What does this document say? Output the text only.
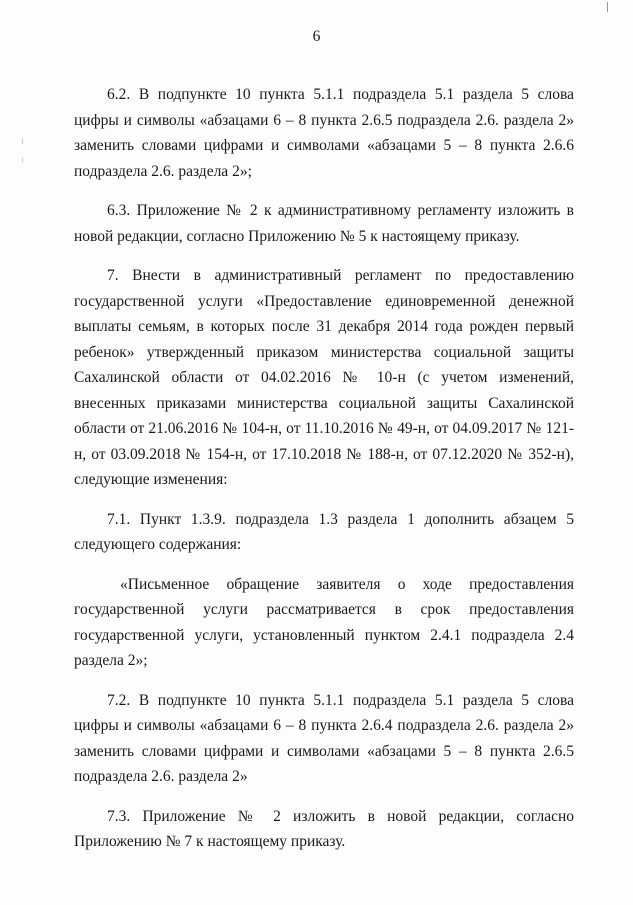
6

6.2. В подпункте 10 пункта 5.1.1 подраздела 5.1 раздела 5 слова цифры и символы «абзацами 6 – 8 пункта 2.6.5 подраздела 2.6. раздела 2» заменить словами цифрами и символами «абзацами 5 – 8 пункта 2.6.6 подраздела 2.6. раздела 2»;

6.3. Приложение № 2 к административному регламенту изложить в новой редакции, согласно Приложению № 5 к настоящему приказу.

7. Внести в административный регламент по предоставлению государственной услуги «Предоставление единовременной денежной выплаты семьям, в которых после 31 декабря 2014 года рожден первый ребенок» утвержденный приказом министерства социальной защиты Сахалинской области от 04.02.2016 № 10-н (с учетом изменений, внесенных приказами министерства социальной защиты Сахалинской области от 21.06.2016 № 104-н, от 11.10.2016 № 49-н, от 04.09.2017 № 121-н, от 03.09.2018 № 154-н, от 17.10.2018 № 188-н, от 07.12.2020 № 352-н), следующие изменения:

7.1. Пункт 1.3.9. подраздела 1.3 раздела 1 дополнить абзацем 5 следующего содержания:

«Письменное обращение заявителя о ходе предоставления государственной услуги рассматривается в срок предоставления государственной услуги, установленный пунктом 2.4.1 подраздела 2.4 раздела 2»;

7.2. В подпункте 10 пункта 5.1.1 подраздела 5.1 раздела 5 слова цифры и символы «абзацами 6 – 8 пункта 2.6.4 подраздела 2.6. раздела 2» заменить словами цифрами и символами «абзацами 5 – 8 пункта 2.6.5 подраздела 2.6. раздела 2»

7.3. Приложение № 2 изложить в новой редакции, согласно Приложению № 7 к настоящему приказу.
